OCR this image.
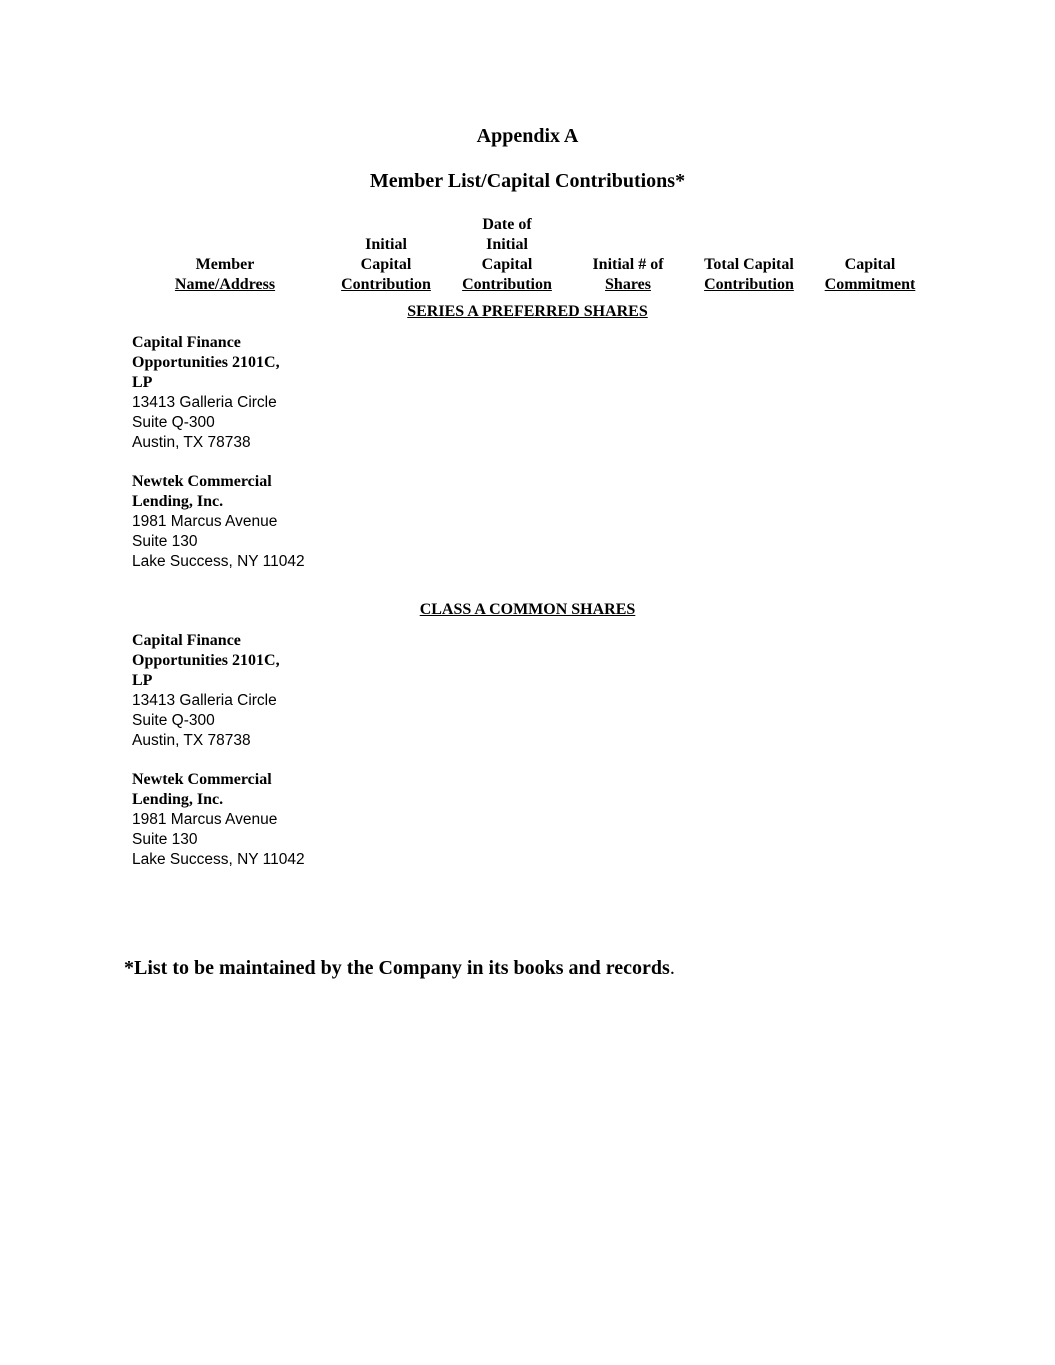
Appendix A
Member List/Capital Contributions*
Member
Name/Address
Initial
Capital
Contribution
Date of
Initial
Capital
Contribution
Initial # of
Shares
Total Capital
Contribution
Capital
Commitment
SERIES A PREFERRED SHARES
Capital Finance
Opportunities 2101C,
LP
13413 Galleria Circle
Suite Q-300
Austin, TX 78738
Newtek Commercial
Lending, Inc.
1981 Marcus Avenue
Suite 130
Lake Success, NY 11042
CLASS A COMMON SHARES
Capital Finance
Opportunities 2101C,
LP
13413 Galleria Circle
Suite Q-300
Austin, TX 78738
Newtek Commercial
Lending, Inc.
1981 Marcus Avenue
Suite 130
Lake Success, NY 11042
*List to be maintained by the Company in its books and records.
